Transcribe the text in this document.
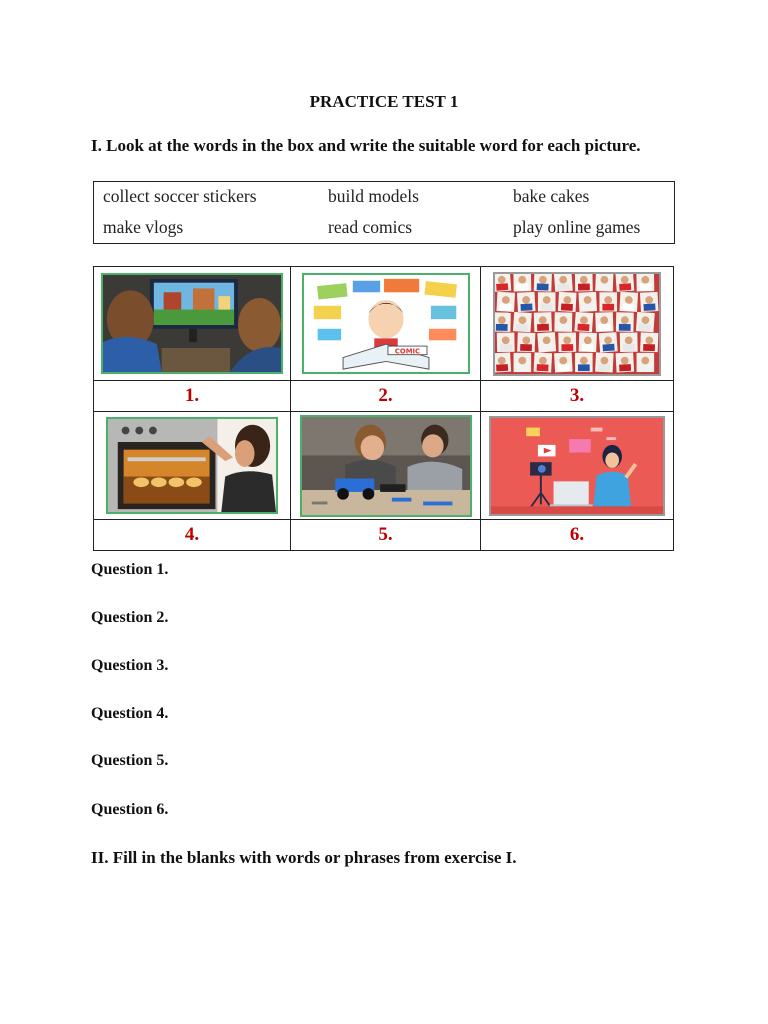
PRACTICE TEST 1
I. Look at the words in the box and write the suitable word for each picture.
collect soccer stickers	build models	bake cakes
make vlogs	read comics	play online games

COMIC

1.	2.	3.

4.	5.	6.
Question 1.
Question 2.
Question 3.
Question 4.
Question 5.
Question 6.
II. Fill in the blanks with words or phrases from exercise I.
